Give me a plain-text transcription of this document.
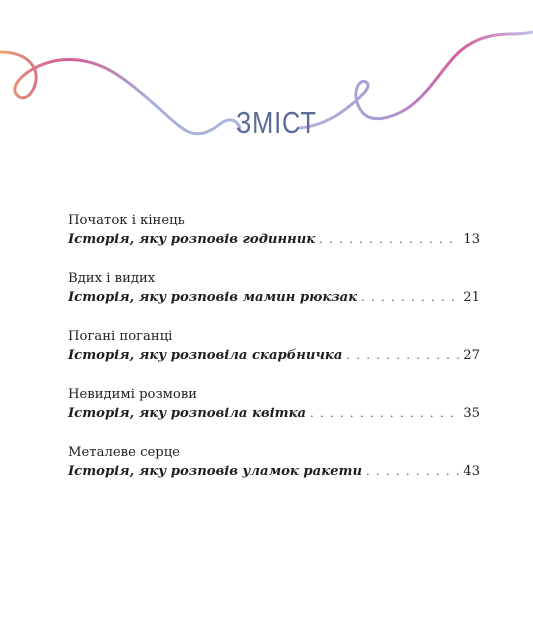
ЗМІСТ
Початок і кінець
Історія, яку розповів годинник . . .	13
Вдих і видих
Історія, яку розповів мамин рюкзак . . .	21
Погані поганці
Історія, яку розповіла скарбничка . . .	27
Невидимі розмови
Історія, яку розповіла квітка . . .	35
Металеве серце
Історія, яку розповів уламок ракети . . .	43
